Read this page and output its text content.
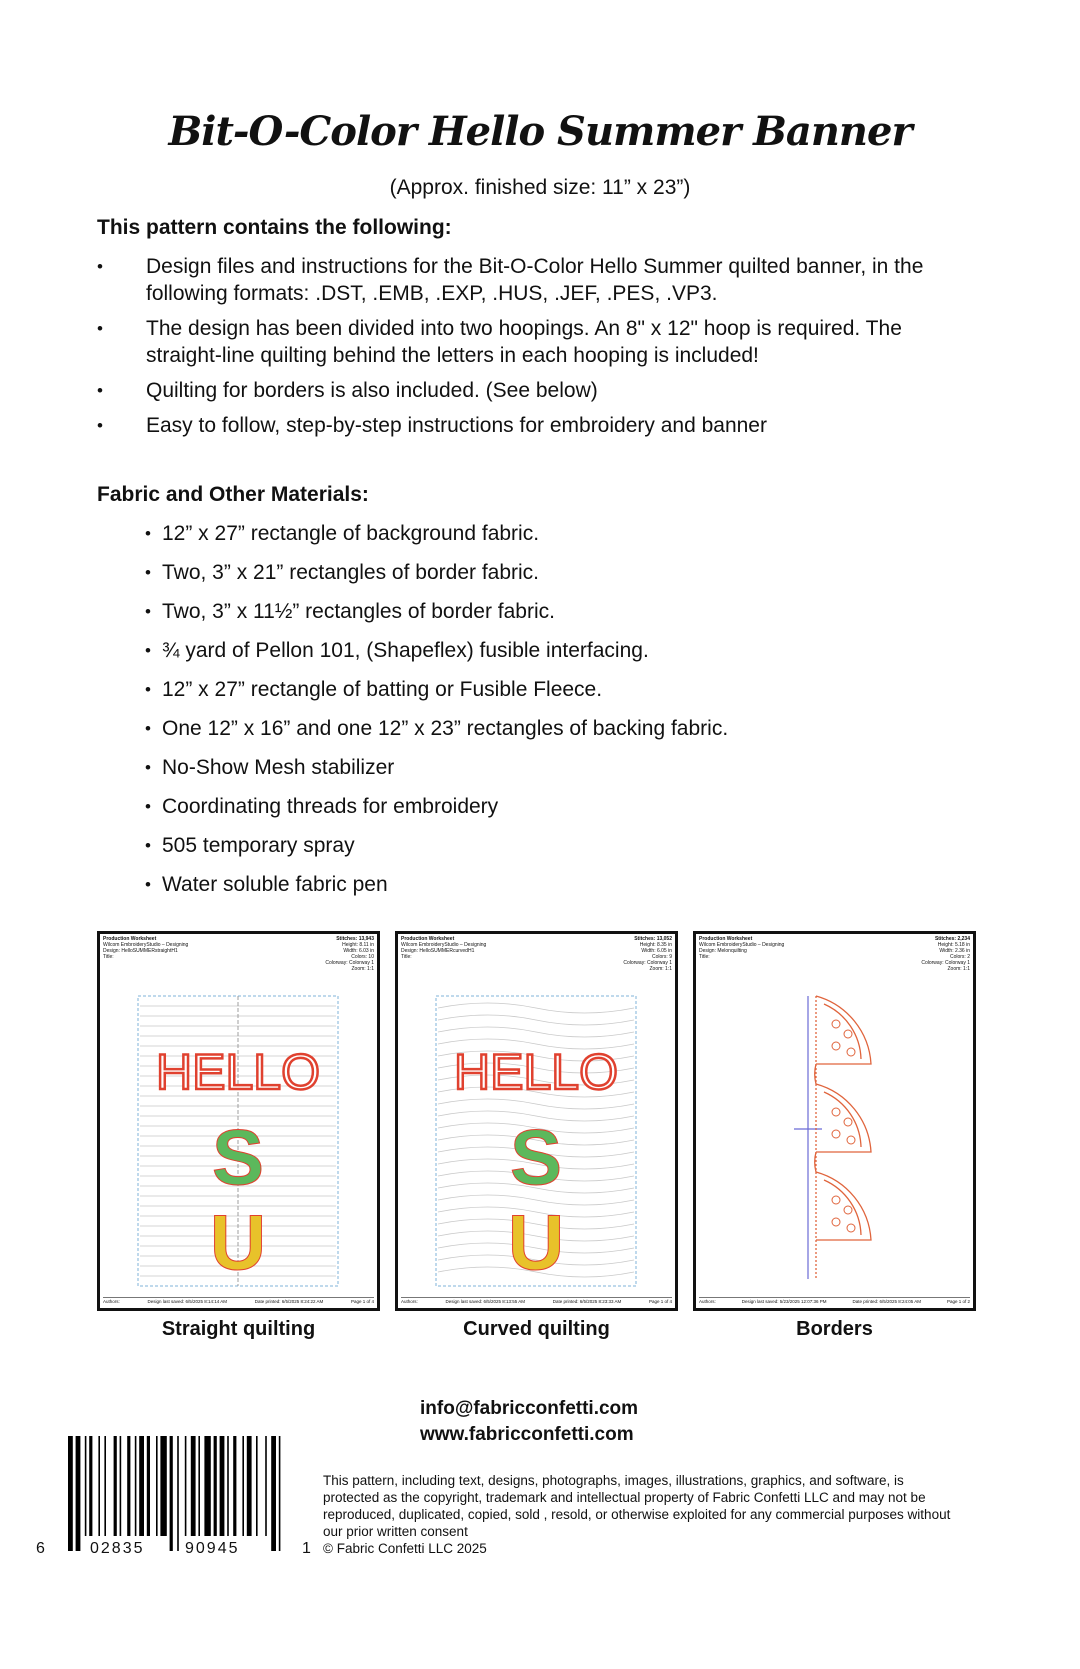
Bit-O-Color Hello Summer Banner
(Approx. finished size: 11” x 23”)
This pattern contains the following:
• Design files and instructions for the Bit-O-Color Hello Summer quilted banner, in the following formats: .DST, .EMB, .EXP, .HUS, .JEF, .PES, .VP3.
• The design has been divided into two hoopings. An 8" x 12" hoop is required. The straight-line quilting behind the letters in each hooping is included!
• Quilting for borders is also included. (See below)
• Easy to follow, step-by-step instructions for embroidery and banner
Fabric and Other Materials:
• 12” x 27” rectangle of background fabric.
• Two, 3” x 21” rectangles of border fabric.
• Two, 3” x 11½” rectangles of border fabric.
• ¾ yard of Pellon 101, (Shapeflex) fusible interfacing.
• 12” x 27” rectangle of batting or Fusible Fleece.
• One 12” x 16” and one 12” x 23” rectangles of backing fabric.
• No-Show Mesh stabilizer
• Coordinating threads for embroidery
• 505 temporary spray
• Water soluble fabric pen
Production Worksheet
Wilcom EmbroideryStudio – Designing
Design: HelloSUMMERstraightH1
Title:
Stitches: 13,943
Height: 8.11 in
Width: 6.03 in
Colors: 10
Colorway: Colorway 1
Zoom: 1:1
HELLO
S
U
Authors:	Design last saved: 6/5/2025 8:14:14 AM	Date printed: 6/5/2025 8:24:22 AM	Page 1 of 4
Straight quilting
Production Worksheet
Wilcom EmbroideryStudio – Designing
Design: HelloSUMMERcurvedH1
Title:
Stitches: 13,052
Height: 8.35 in
Width: 6.05 in
Colors: 9
Colorway: Colorway 1
Zoom: 1:1
HELLO
S
U
Authors:	Design last saved: 6/5/2025 8:13:55 AM	Date printed: 6/5/2025 8:23:33 AM	Page 1 of 4
Curved quilting
Production Worksheet
Wilcom EmbroideryStudio – Designing
Design: Melonquilting
Title:
Stitches: 2,234
Height: 5.18 in
Width: 2.36 in
Colors: 2
Colorway: Colorway 1
Zoom: 1:1
Authors:	Design last saved: 5/23/2025 12:07:36 PM	Date printed: 6/5/2025 8:24:05 AM	Page 1 of 2
Borders
info@fabricconfetti.com
www.fabricconfetti.com
6	02835	90945	1
This pattern, including text, designs, photographs, images, illustrations, graphics, and software, is protected as the copyright, trademark and intellectual property of Fabric Confetti LLC and may not be reproduced, duplicated, copied, sold , resold, or otherwise exploited for any commercial purposes without our prior written consent
© Fabric Confetti LLC 2025
